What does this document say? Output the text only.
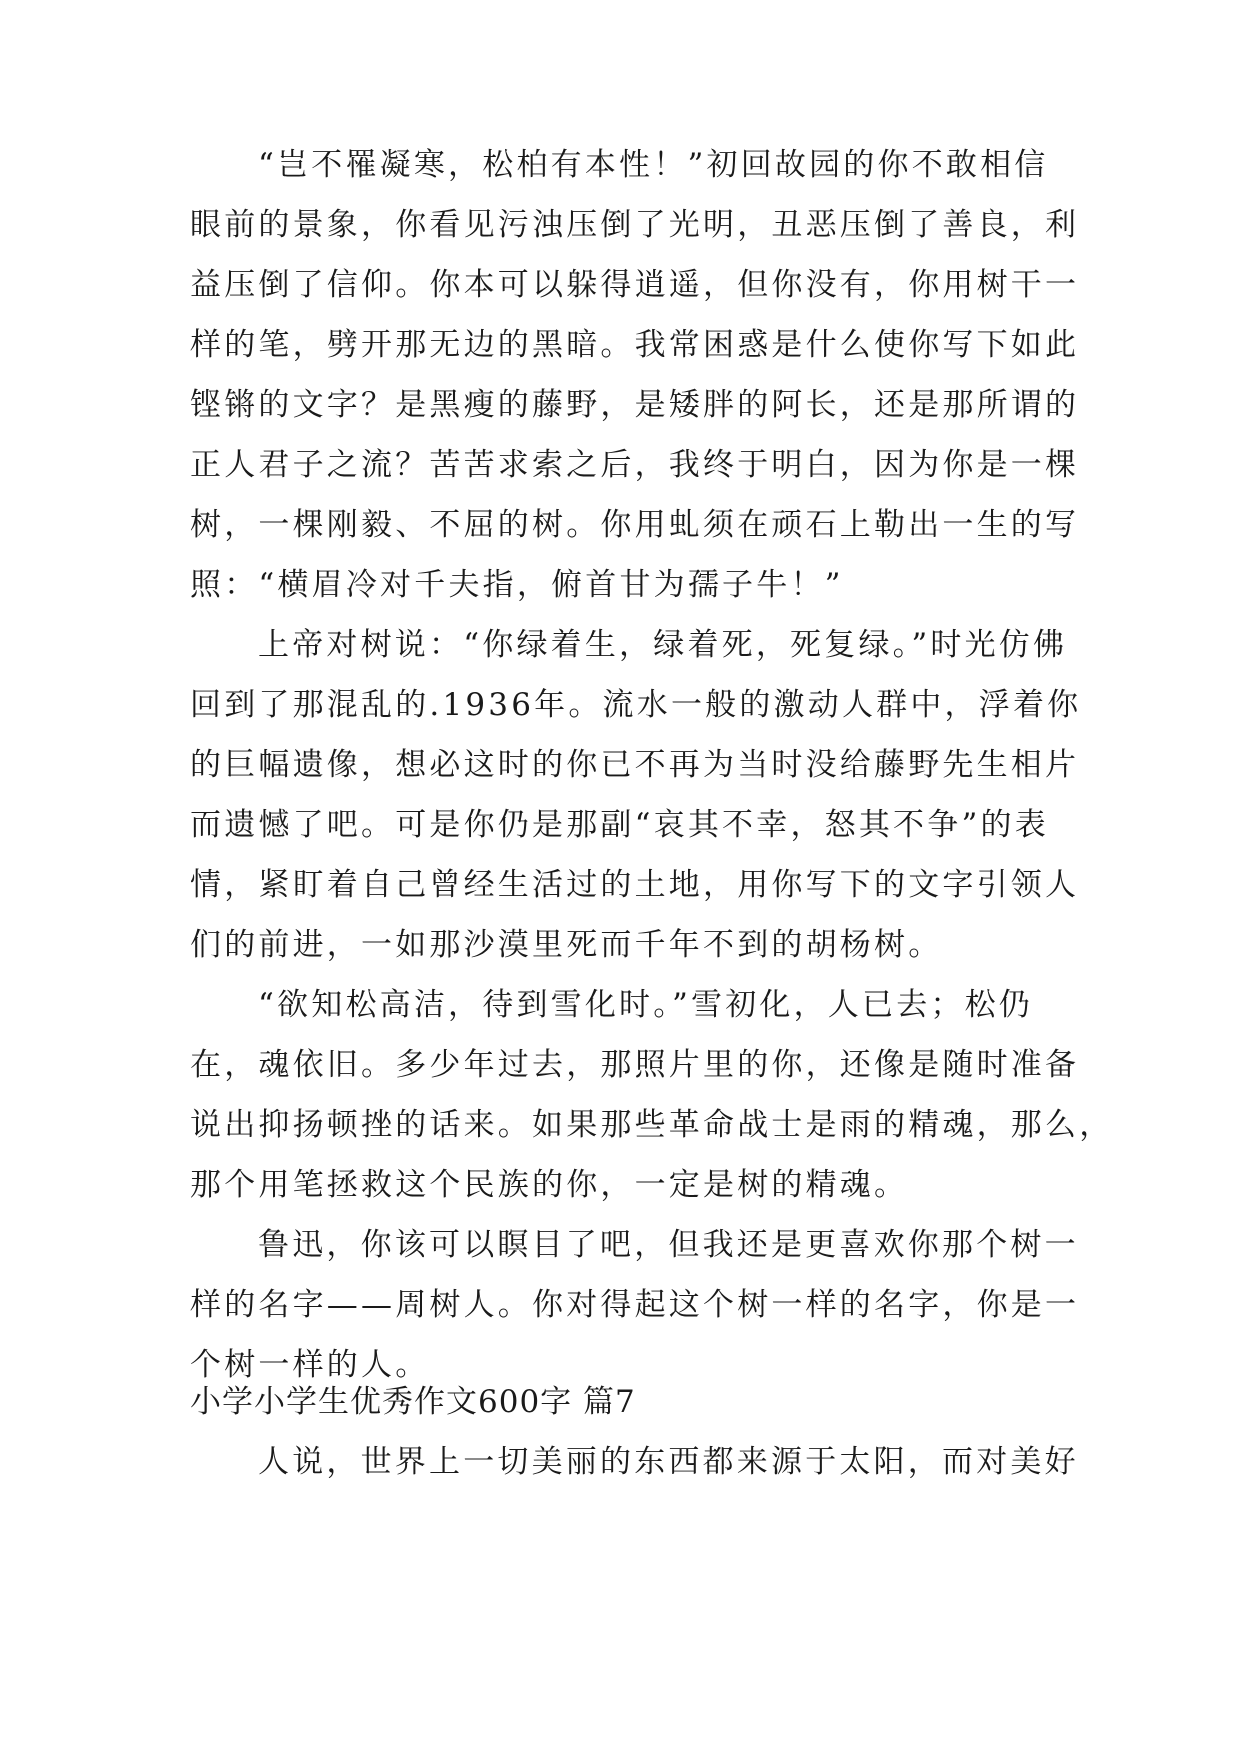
“岂不罹凝寒，松柏有本性！”初回故园的你不敢相信
眼前的景象，你看见污浊压倒了光明，丑恶压倒了善良，利
益压倒了信仰。你本可以躲得逍遥，但你没有，你用树干一
样的笔，劈开那无边的黑暗。我常困惑是什么使你写下如此
铿锵的文字？是黑瘦的藤野，是矮胖的阿长，还是那所谓的
正人君子之流？苦苦求索之后，我终于明白，因为你是一棵
树，一棵刚毅、不屈的树。你用虬须在顽石上勒出一生的写
照：“横眉冷对千夫指，俯首甘为孺子牛！”
上帝对树说：“你绿着生，绿着死，死复绿。”时光仿佛
回到了那混乱的.1936年。流水一般的激动人群中，浮着你
的巨幅遗像，想必这时的你已不再为当时没给藤野先生相片
而遗憾了吧。可是你仍是那副“哀其不幸，怒其不争”的表
情，紧盯着自己曾经生活过的土地，用你写下的文字引领人
们的前进，一如那沙漠里死而千年不到的胡杨树。
“欲知松高洁，待到雪化时。”雪初化，人已去；松仍
在，魂依旧。多少年过去，那照片里的你，还像是随时准备
说出抑扬顿挫的话来。如果那些革命战士是雨的精魂，那么，
那个用笔拯救这个民族的你，一定是树的精魂。
鲁迅，你该可以瞑目了吧，但我还是更喜欢你那个树一
样的名字——周树人。你对得起这个树一样的名字，你是一
个树一样的人。
小学小学生优秀作文600字 篇7
人说，世界上一切美丽的东西都来源于太阳，而对美好
